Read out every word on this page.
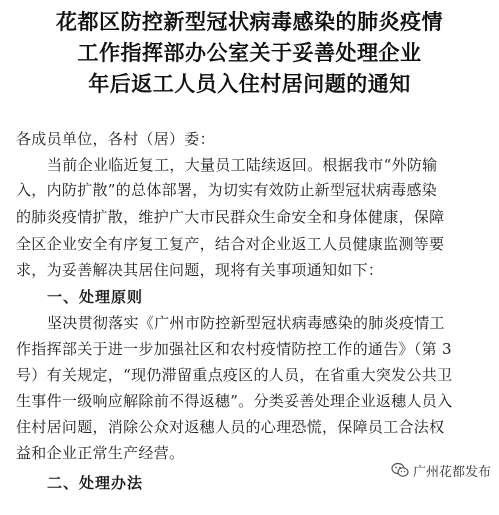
花都区防控新型冠状病毒感染的肺炎疫情
工作指挥部办公室关于妥善处理企业
年后返工人员入住村居问题的通知
各成员单位，各村（居）委：
当前企业临近复工，大量员工陆续返回。根据我市“外防输
入，内防扩散”的总体部署，为切实有效防止新型冠状病毒感染
的肺炎疫情扩散，维护广大市民群众生命安全和身体健康，保障
全区企业安全有序复工复产，结合对企业返工人员健康监测等要
求，为妥善解决其居住问题，现将有关事项通知如下：
一、处理原则
坚决贯彻落实《广州市防控新型冠状病毒感染的肺炎疫情工
作指挥部关于进一步加强社区和农村疫情防控工作的通告》（第 3
号）有关规定，“现仍滞留重点疫区的人员，在省重大突发公共卫
生事件一级响应解除前不得返穗”。分类妥善处理企业返穗人员入
住村居问题，消除公众对返穗人员的心理恐慌，保障员工合法权
益和企业正常生产经营。
二、处理办法
广州花都发布
